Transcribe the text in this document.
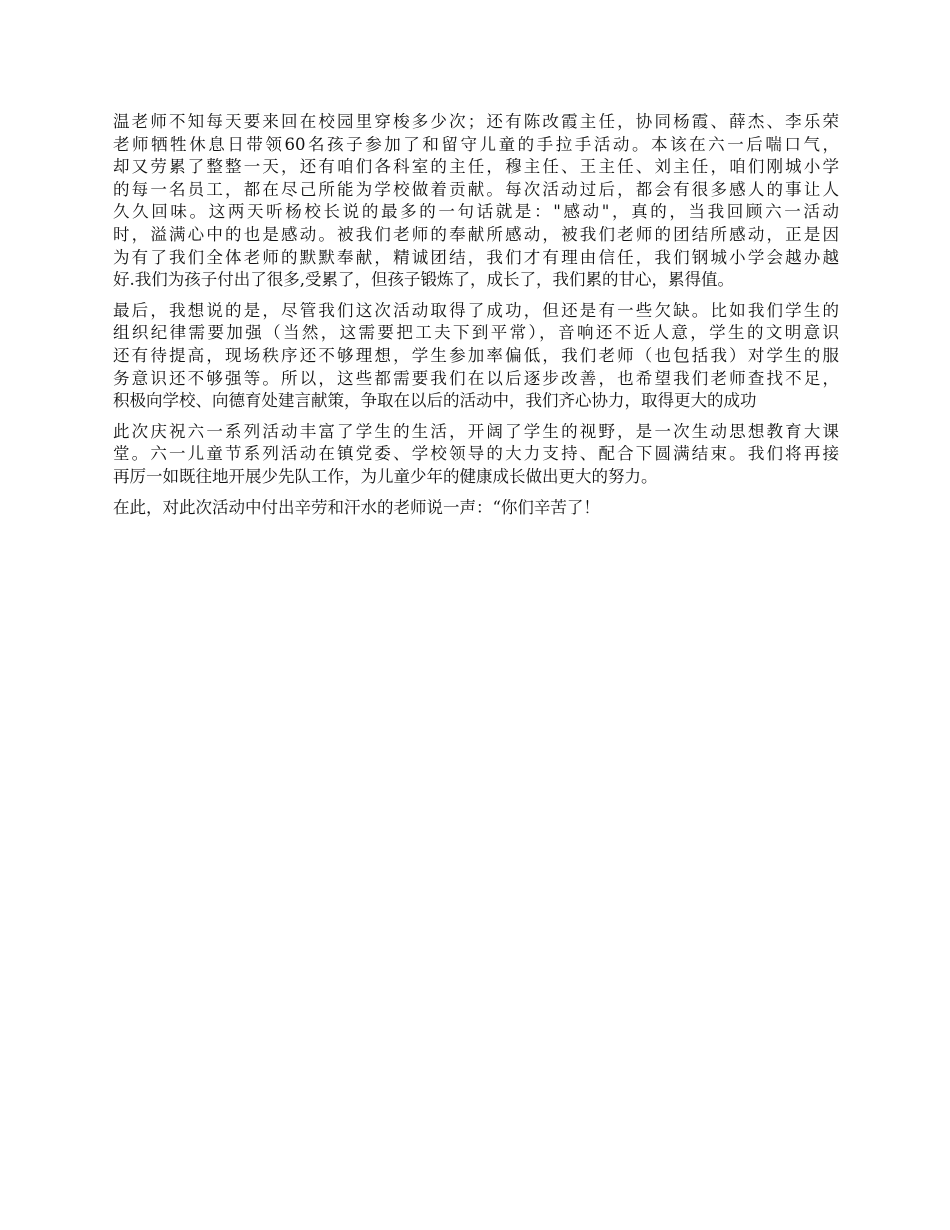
温老师不知每天要来回在校园里穿梭多少次；还有陈改霞主任，协同杨霞、薛杰、李乐荣
老师牺牲休息日带领60名孩子参加了和留守儿童的手拉手活动。本该在六一后喘口气，
却又劳累了整整一天，还有咱们各科室的主任，穆主任、王主任、刘主任，咱们刚城小学
的每一名员工，都在尽己所能为学校做着贡献。每次活动过后，都会有很多感人的事让人
久久回味。这两天听杨校长说的最多的一句话就是："感动"，真的，当我回顾六一活动
时，溢满心中的也是感动。被我们老师的奉献所感动，被我们老师的团结所感动，正是因
为有了我们全体老师的默默奉献，精诚团结，我们才有理由信任，我们钢城小学会越办越
好.我们为孩子付出了很多,受累了，但孩子锻炼了，成长了，我们累的甘心，累得值。

最后，我想说的是，尽管我们这次活动取得了成功，但还是有一些欠缺。比如我们学生的
组织纪律需要加强（当然，这需要把工夫下到平常），音响还不近人意，学生的文明意识
还有待提高，现场秩序还不够理想，学生参加率偏低，我们老师（也包括我）对学生的服
务意识还不够强等。所以，这些都需要我们在以后逐步改善，也希望我们老师查找不足，
积极向学校、向德育处建言献策，争取在以后的活动中，我们齐心协力，取得更大的成功

此次庆祝六一系列活动丰富了学生的生活，开阔了学生的视野，是一次生动思想教育大课
堂。六一儿童节系列活动在镇党委、学校领导的大力支持、配合下圆满结束。我们将再接
再厉一如既往地开展少先队工作，为儿童少年的健康成长做出更大的努力。

在此，对此次活动中付出辛劳和汗水的老师说一声：“你们辛苦了！
